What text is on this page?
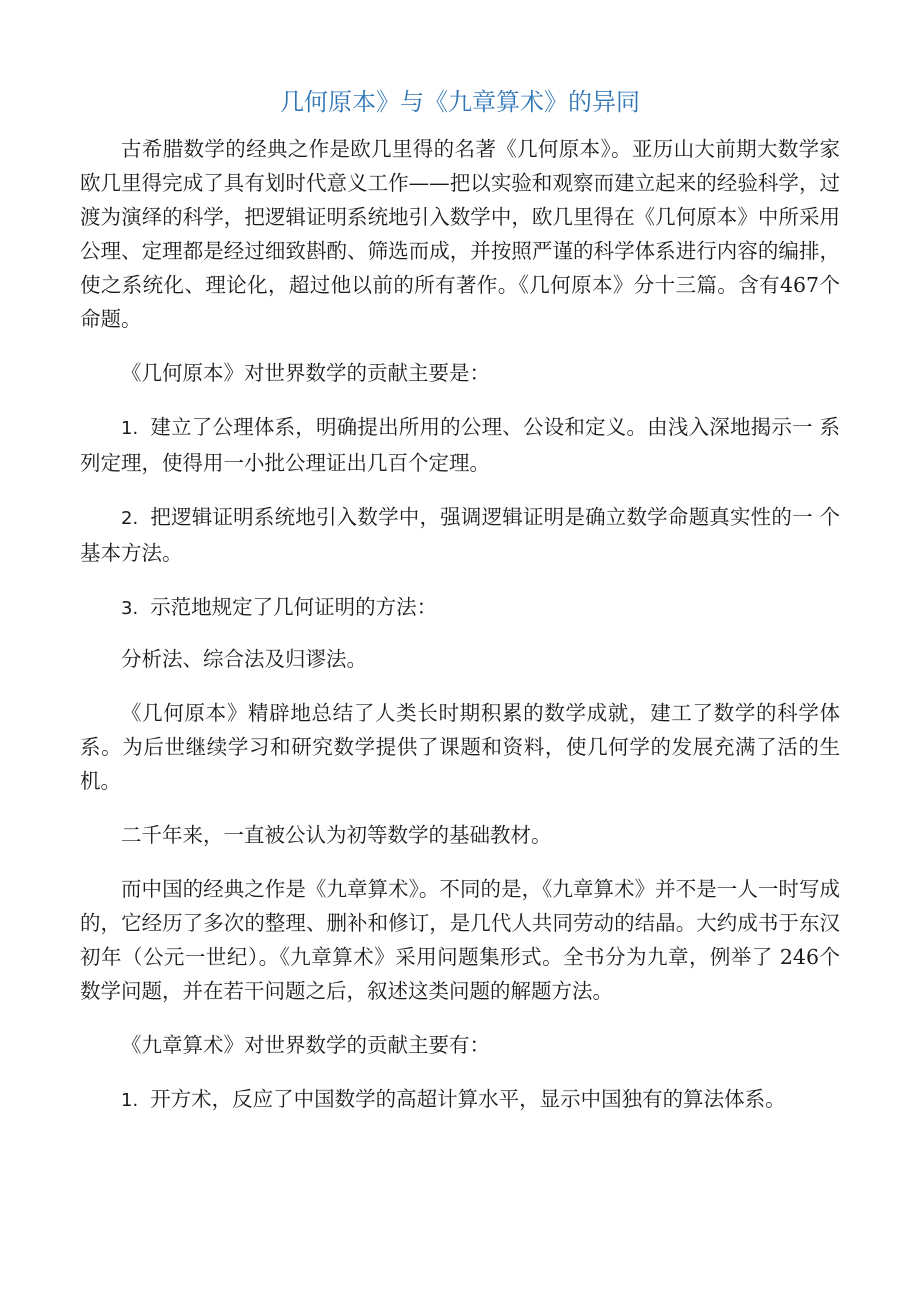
几何原本》与《九章算术》的异同

古希腊数学的经典之作是欧几里得的名著《几何原本》。亚历山大前期大数学家欧几里得完成了具有划时代意义工作——把以实验和观察而建立起来的经验科学，过渡为演绎的科学，把逻辑证明系统地引入数学中，欧几里得在《几何原本》中所采用公理、定理都是经过细致斟酌、筛选而成，并按照严谨的科学体系进行内容的编排，使之系统化、理论化，超过他以前的所有著作。《几何原本》分十三篇。含有467个命题。

《几何原本》对世界数学的贡献主要是：

1. 建立了公理体系，明确提出所用的公理、公设和定义。由浅入深地揭示一 系列定理，使得用一小批公理证出几百个定理。

2. 把逻辑证明系统地引入数学中，强调逻辑证明是确立数学命题真实性的一 个基本方法。

3. 示范地规定了几何证明的方法：

分析法、综合法及归谬法。

《几何原本》精辟地总结了人类长时期积累的数学成就，建工了数学的科学体系。为后世继续学习和研究数学提供了课题和资料，使几何学的发展充满了活的生机。

二千年来，一直被公认为初等数学的基础教材。

而中国的经典之作是《九章算术》。不同的是，《九章算术》并不是一人一时写成的，它经历了多次的整理、删补和修订，是几代人共同劳动的结晶。大约成书于东汉初年（公元一世纪）。《九章算术》采用问题集形式。全书分为九章，例举了 246个数学问题，并在若干问题之后，叙述这类问题的解题方法。

《九章算术》对世界数学的贡献主要有：

1. 开方术，反应了中国数学的高超计算水平，显示中国独有的算法体系。
